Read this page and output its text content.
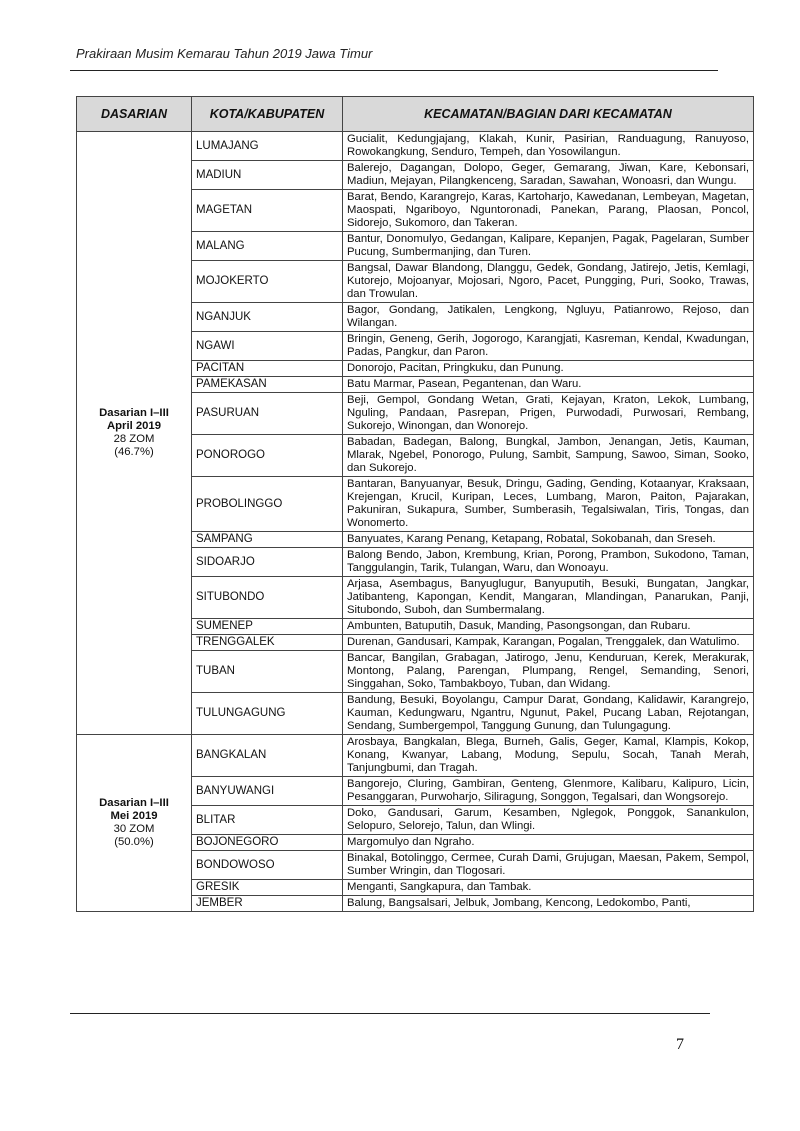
Prakiraan Musim Kemarau Tahun 2019 Jawa Timur
DASARIAN	KOTA/KABUPATEN	KECAMATAN/BAGIAN DARI KECAMATAN

Dasarian I–III
April 2019
28 ZOM
(46.7%)	LUMAJANG	Gucialit, Kedungjajang, Klakah, Kunir, Pasirian, Randuagung, Ranuyoso, Rowokangkung, Senduro, Tempeh, dan Yosowilangun.
	MADIUN	Balerejo, Dagangan, Dolopo, Geger, Gemarang, Jiwan, Kare, Kebonsari, Madiun, Mejayan, Pilangkenceng, Saradan, Sawahan, Wonoasri, dan Wungu.
	MAGETAN	Barat, Bendo, Karangrejo, Karas, Kartoharjo, Kawedanan, Lembeyan, Magetan, Maospati, Ngariboyo, Nguntoronadi, Panekan, Parang, Plaosan, Poncol, Sidorejo, Sukomoro, dan Takeran.
	MALANG	Bantur, Donomulyo, Gedangan, Kalipare, Kepanjen, Pagak, Pagelaran, Sumber Pucung, Sumbermanjing, dan Turen.
	MOJOKERTO	Bangsal, Dawar Blandong, Dlanggu, Gedek, Gondang, Jatirejo, Jetis, Kemlagi, Kutorejo, Mojoanyar, Mojosari, Ngoro, Pacet, Pungging, Puri, Sooko, Trawas, dan Trowulan.
	NGANJUK	Bagor, Gondang, Jatikalen, Lengkong, Ngluyu, Patianrowo, Rejoso, dan Wilangan.
	NGAWI	Bringin, Geneng, Gerih, Jogorogo, Karangjati, Kasreman, Kendal, Kwadungan, Padas, Pangkur, dan Paron.
	PACITAN	Donorojo, Pacitan, Pringkuku, dan Punung.
	PAMEKASAN	Batu Marmar, Pasean, Pegantenan, dan Waru.
	PASURUAN	Beji, Gempol, Gondang Wetan, Grati, Kejayan, Kraton, Lekok, Lumbang, Nguling, Pandaan, Pasrepan, Prigen, Purwodadi, Purwosari, Rembang, Sukorejo, Winongan, dan Wonorejo.
	PONOROGO	Babadan, Badegan, Balong, Bungkal, Jambon, Jenangan, Jetis, Kauman, Mlarak, Ngebel, Ponorogo, Pulung, Sambit, Sampung, Sawoo, Siman, Sooko, dan Sukorejo.
	PROBOLINGGO	Bantaran, Banyuanyar, Besuk, Dringu, Gading, Gending, Kotaanyar, Kraksaan, Krejengan, Krucil, Kuripan, Leces, Lumbang, Maron, Paiton, Pajarakan, Pakuniran, Sukapura, Sumber, Sumberasih, Tegalsiwalan, Tiris, Tongas, dan Wonomerto.
	SAMPANG	Banyuates, Karang Penang, Ketapang, Robatal, Sokobanah, dan Sreseh.
	SIDOARJO	Balong Bendo, Jabon, Krembung, Krian, Porong, Prambon, Sukodono, Taman, Tanggulangin, Tarik, Tulangan, Waru, dan Wonoayu.
	SITUBONDO	Arjasa, Asembagus, Banyuglugur, Banyuputih, Besuki, Bungatan, Jangkar, Jatibanteng, Kapongan, Kendit, Mangaran, Mlandingan, Panarukan, Panji, Situbondo, Suboh, dan Sumbermalang.
	SUMENEP	Ambunten, Batuputih, Dasuk, Manding, Pasongsongan, dan Rubaru.
	TRENGGALEK	Durenan, Gandusari, Kampak, Karangan, Pogalan, Trenggalek, dan Watulimo.
	TUBAN	Bancar, Bangilan, Grabagan, Jatirogo, Jenu, Kenduruan, Kerek, Merakurak, Montong, Palang, Parengan, Plumpang, Rengel, Semanding, Senori, Singgahan, Soko, Tambakboyo, Tuban, dan Widang.
	TULUNGAGUNG	Bandung, Besuki, Boyolangu, Campur Darat, Gondang, Kalidawir, Karangrejo, Kauman, Kedungwaru, Ngantru, Ngunut, Pakel, Pucang Laban, Rejotangan, Sendang, Sumbergempol, Tanggung Gunung, dan Tulungagung.

Dasarian I–III
Mei 2019
30 ZOM
(50.0%)	BANGKALAN	Arosbaya, Bangkalan, Blega, Burneh, Galis, Geger, Kamal, Klampis, Kokop, Konang, Kwanyar, Labang, Modung, Sepulu, Socah, Tanah Merah, Tanjungbumi, dan Tragah.
	BANYUWANGI	Bangorejo, Cluring, Gambiran, Genteng, Glenmore, Kalibaru, Kalipuro, Licin, Pesanggaran, Purwoharjo, Siliragung, Songgon, Tegalsari, dan Wongsorejo.
	BLITAR	Doko, Gandusari, Garum, Kesamben, Nglegok, Ponggok, Sanankulon, Selopuro, Selorejo, Talun, dan Wlingi.
	BOJONEGORO	Margomulyo dan Ngraho.
	BONDOWOSO	Binakal, Botolinggo, Cermee, Curah Dami, Grujugan, Maesan, Pakem, Sempol, Sumber Wringin, dan Tlogosari.
	GRESIK	Menganti, Sangkapura, dan Tambak.
	JEMBER	Balung, Bangsalsari, Jelbuk, Jombang, Kencong, Ledokombo, Panti,
7
